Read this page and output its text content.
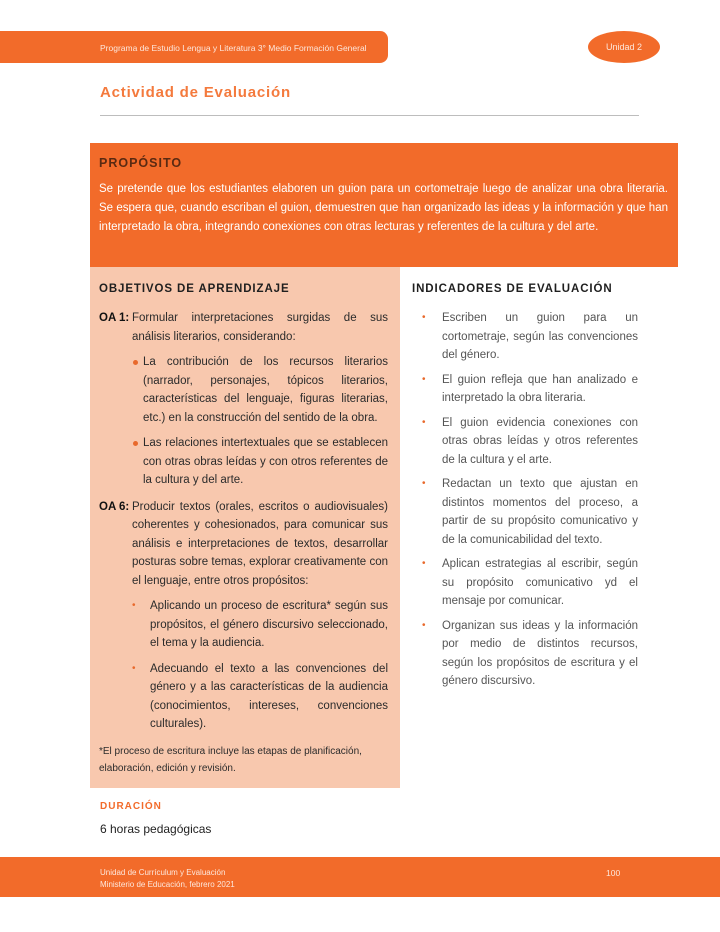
Programa de Estudio Lengua y Literatura 3° Medio Formación General	Unidad 2
Actividad de Evaluación
PROPÓSITO

Se pretende que los estudiantes elaboren un guion para un cortometraje luego de analizar una obra literaria. Se espera que, cuando escriban el guion, demuestren que han organizado las ideas y la información y que han interpretado la obra, integrando conexiones con otras lecturas y referentes de la cultura y del arte.

OBJETIVOS DE APRENDIZAJE
OA 1: Formular interpretaciones surgidas de sus análisis literarios, considerando:

La contribución de los recursos literarios (narrador, personajes, tópicos literarios, características del lenguaje, figuras literarias, etc.) en la construcción del sentido de la obra.
Las relaciones intertextuales que se establecen con otras obras leídas y con otros referentes de la cultura y del arte.
OA 6: Producir textos (orales, escritos o audiovisuales) coherentes y cohesionados, para comunicar sus análisis e interpretaciones de textos, desarrollar posturas sobre temas, explorar creativamente con el lenguaje, entre otros propósitos:

• Aplicando un proceso de escritura* según sus propósitos, el género discursivo seleccionado, el tema y la audiencia.
• Adecuando el texto a las convenciones del género y a las características de la audiencia (conocimientos, intereses, convenciones culturales).
*El proceso de escritura incluye las etapas de planificación, elaboración, edición y revisión.
INDICADORES DE EVALUACIÓN
• Escriben un guion para un cortometraje, según las convenciones del género.
• El guion refleja que han analizado e interpretado la obra literaria.
• El guion evidencia conexiones con otras obras leídas y otros referentes de la cultura y el arte.
• Redactan un texto que ajustan en distintos momentos del proceso, a partir de su propósito comunicativo y de la comunicabilidad del texto.
• Aplican estrategias al escribir, según su propósito comunicativo yd el mensaje por comunicar.
• Organizan sus ideas y la información por medio de distintos recursos, según los propósitos de escritura y el género discursivo.
DURACIÓN
6 horas pedagógicas
Unidad de Currículum y Evaluación
Ministerio de Educación, febrero 2021
100
